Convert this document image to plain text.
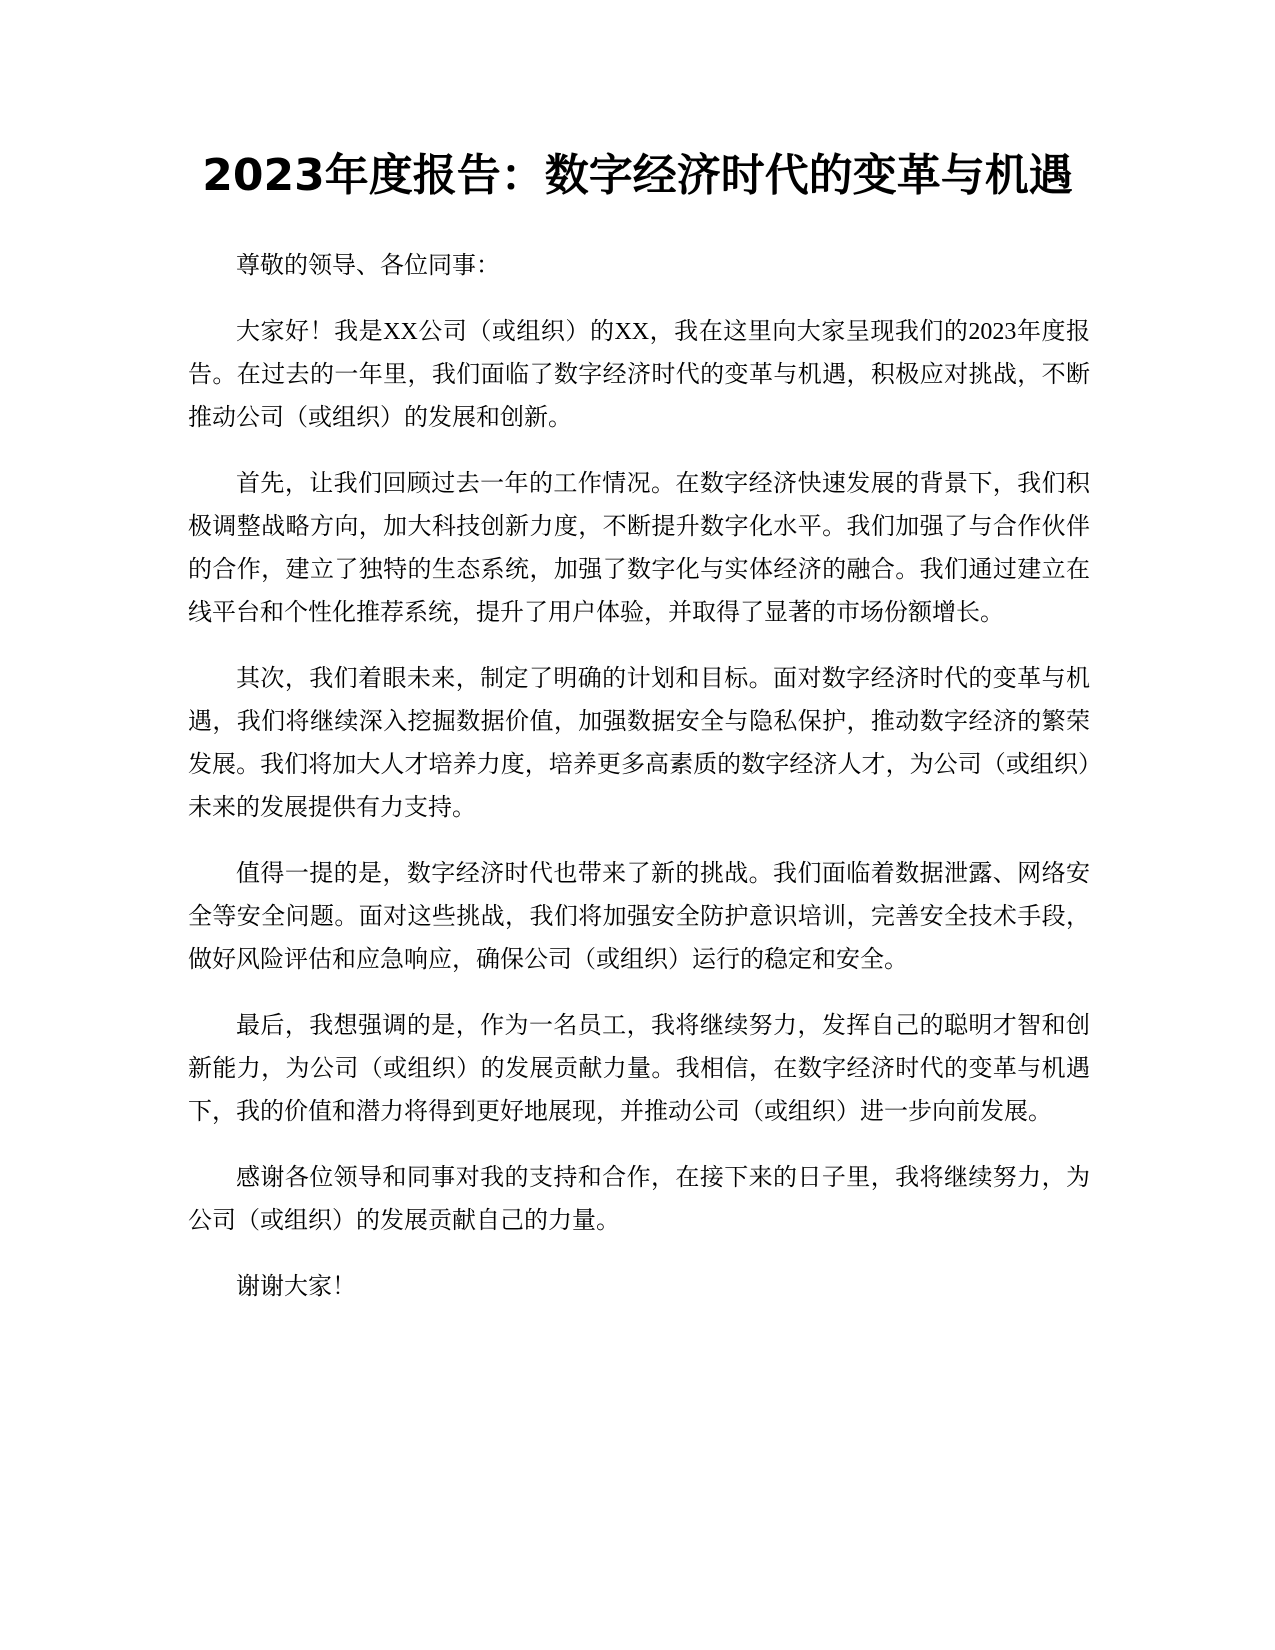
2023年度报告：数字经济时代的变革与机遇

尊敬的领导、各位同事：

大家好！我是XX公司（或组织）的XX，我在这里向大家呈现我们的2023年度报告。在过去的一年里，我们面临了数字经济时代的变革与机遇，积极应对挑战，不断推动公司（或组织）的发展和创新。

首先，让我们回顾过去一年的工作情况。在数字经济快速发展的背景下，我们积极调整战略方向，加大科技创新力度，不断提升数字化水平。我们加强了与合作伙伴的合作，建立了独特的生态系统，加强了数字化与实体经济的融合。我们通过建立在线平台和个性化推荐系统，提升了用户体验，并取得了显著的市场份额增长。

其次，我们着眼未来，制定了明确的计划和目标。面对数字经济时代的变革与机遇，我们将继续深入挖掘数据价值，加强数据安全与隐私保护，推动数字经济的繁荣发展。我们将加大人才培养力度，培养更多高素质的数字经济人才，为公司（或组织）未来的发展提供有力支持。

值得一提的是，数字经济时代也带来了新的挑战。我们面临着数据泄露、网络安全等安全问题。面对这些挑战，我们将加强安全防护意识培训，完善安全技术手段，做好风险评估和应急响应，确保公司（或组织）运行的稳定和安全。

最后，我想强调的是，作为一名员工，我将继续努力，发挥自己的聪明才智和创新能力，为公司（或组织）的发展贡献力量。我相信，在数字经济时代的变革与机遇下，我的价值和潜力将得到更好地展现，并推动公司（或组织）进一步向前发展。

感谢各位领导和同事对我的支持和合作，在接下来的日子里，我将继续努力，为公司（或组织）的发展贡献自己的力量。

谢谢大家！
